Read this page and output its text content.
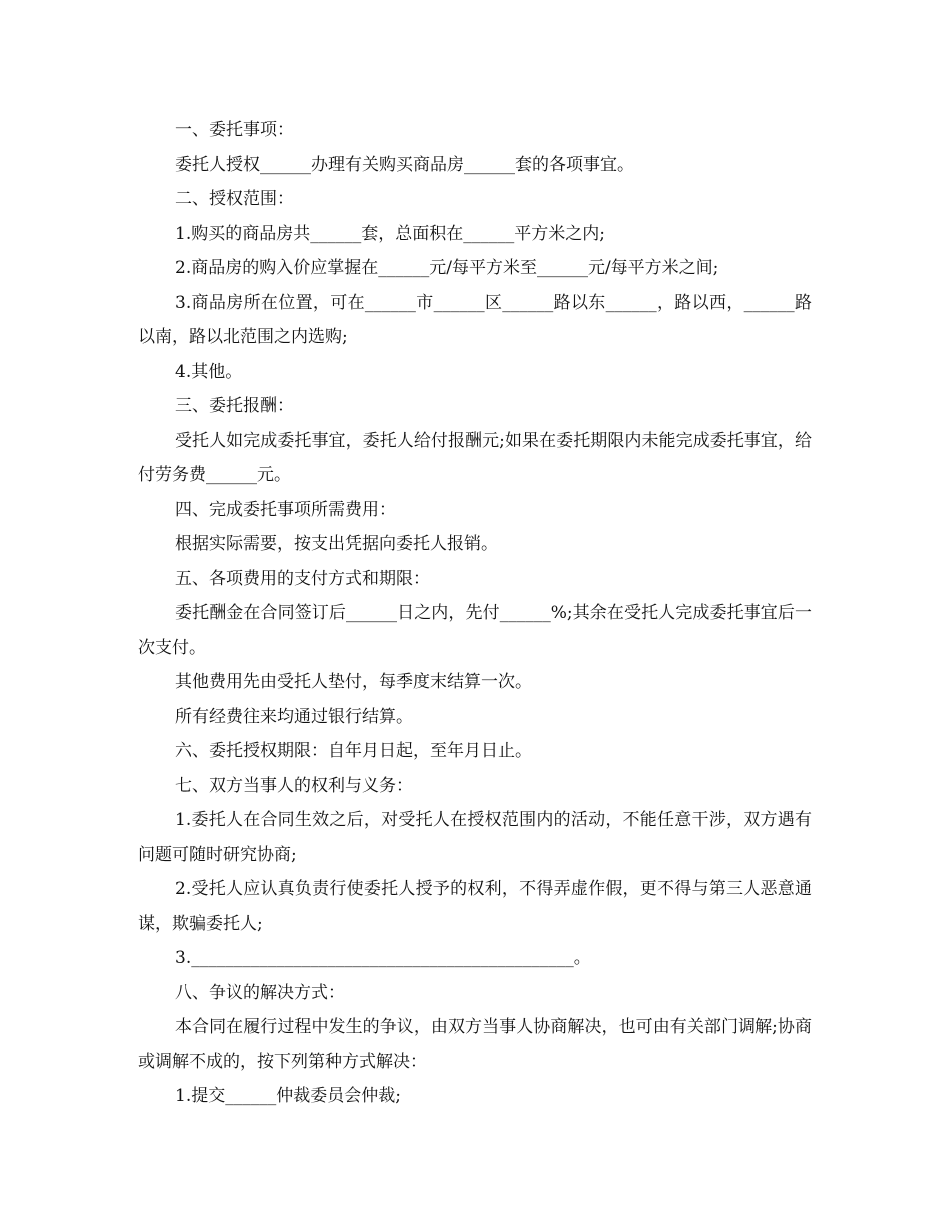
一、委托事项：

委托人授权______办理有关购买商品房______套的各项事宜。

二、授权范围：

1.购买的商品房共______套，总面积在______平方米之内;

2.商品房的购入价应掌握在______元/每平方米至______元/每平方米之间;

3.商品房所在位置，可在______市______区______路以东______，路以西，______路以南，路以北范围之内选购;

4.其他。

三、委托报酬：

受托人如完成委托事宜，委托人给付报酬元;如果在委托期限内未能完成委托事宜，给付劳务费______元。

四、完成委托事项所需费用：

根据实际需要，按支出凭据向委托人报销。

五、各项费用的支付方式和期限：

委托酬金在合同签订后______日之内，先付______%;其余在受托人完成委托事宜后一次支付。

其他费用先由受托人垫付，每季度末结算一次。

所有经费往来均通过银行结算。

六、委托授权期限：自年月日起，至年月日止。

七、双方当事人的权利与义务：

1.委托人在合同生效之后，对受托人在授权范围内的活动，不能任意干涉，双方遇有问题可随时研究协商;

2.受托人应认真负责行使委托人授予的权利，不得弄虚作假，更不得与第三人恶意通谋，欺骗委托人;

3._____________________________________________。

八、争议的解决方式：

本合同在履行过程中发生的争议，由双方当事人协商解决，也可由有关部门调解;协商或调解不成的，按下列第种方式解决：

1.提交______仲裁委员会仲裁;
